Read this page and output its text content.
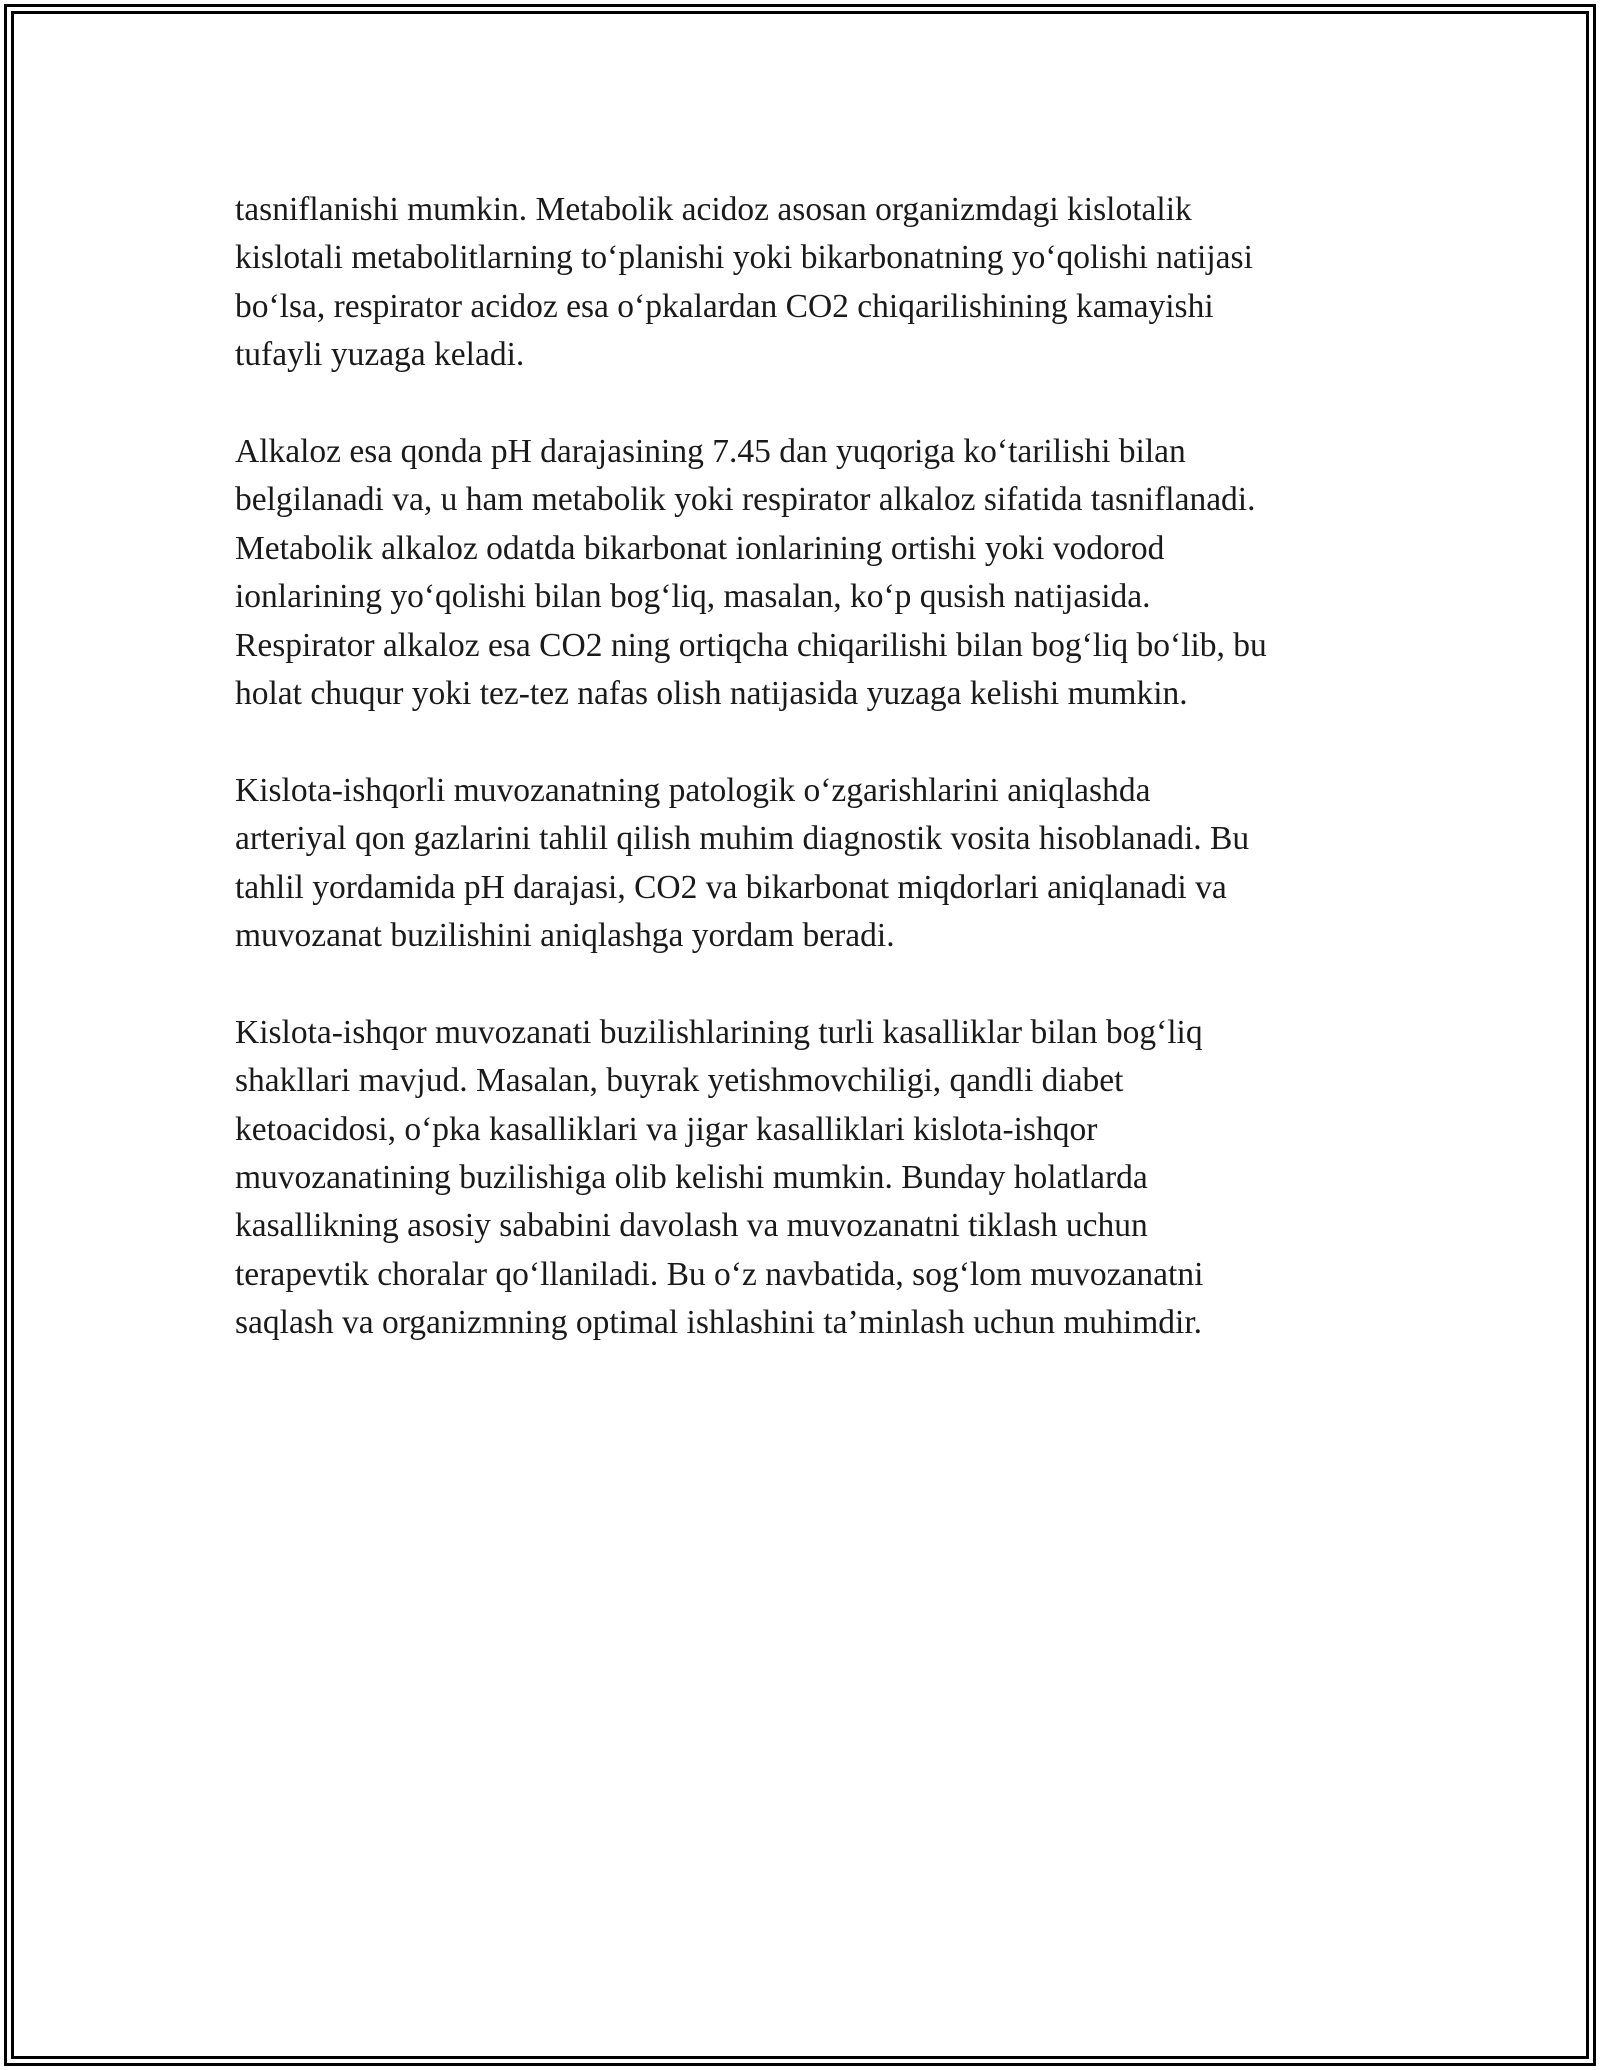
tasniflanishi mumkin. Metabolik acidoz asosan organizmdagi kislotalik
kislotali metabolitlarning to‘planishi yoki bikarbonatning yo‘qolishi natijasi
bo‘lsa, respirator acidoz esa o‘pkalardan CO2 chiqarilishining kamayishi
tufayli yuzaga keladi.

Alkaloz esa qonda pH darajasining 7.45 dan yuqoriga ko‘tarilishi bilan
belgilanadi va, u ham metabolik yoki respirator alkaloz sifatida tasniflanadi.
Metabolik alkaloz odatda bikarbonat ionlarining ortishi yoki vodorod
ionlarining yo‘qolishi bilan bog‘liq, masalan, ko‘p qusish natijasida.
Respirator alkaloz esa CO2 ning ortiqcha chiqarilishi bilan bog‘liq bo‘lib, bu
holat chuqur yoki tez-tez nafas olish natijasida yuzaga kelishi mumkin.

Kislota-ishqorli muvozanatning patologik o‘zgarishlarini aniqlashda
arteriyal qon gazlarini tahlil qilish muhim diagnostik vosita hisoblanadi. Bu
tahlil yordamida pH darajasi, CO2 va bikarbonat miqdorlari aniqlanadi va
muvozanat buzilishini aniqlashga yordam beradi.

Kislota-ishqor muvozanati buzilishlarining turli kasalliklar bilan bog‘liq
shakllari mavjud. Masalan, buyrak yetishmovchiligi, qandli diabet
ketoacidosi, o‘pka kasalliklari va jigar kasalliklari kislota-ishqor
muvozanatining buzilishiga olib kelishi mumkin. Bunday holatlarda
kasallikning asosiy sababini davolash va muvozanatni tiklash uchun
terapevtik choralar qo‘llaniladi. Bu o‘z navbatida, sog‘lom muvozanatni
saqlash va organizmning optimal ishlashini ta’minlash uchun muhimdir.
